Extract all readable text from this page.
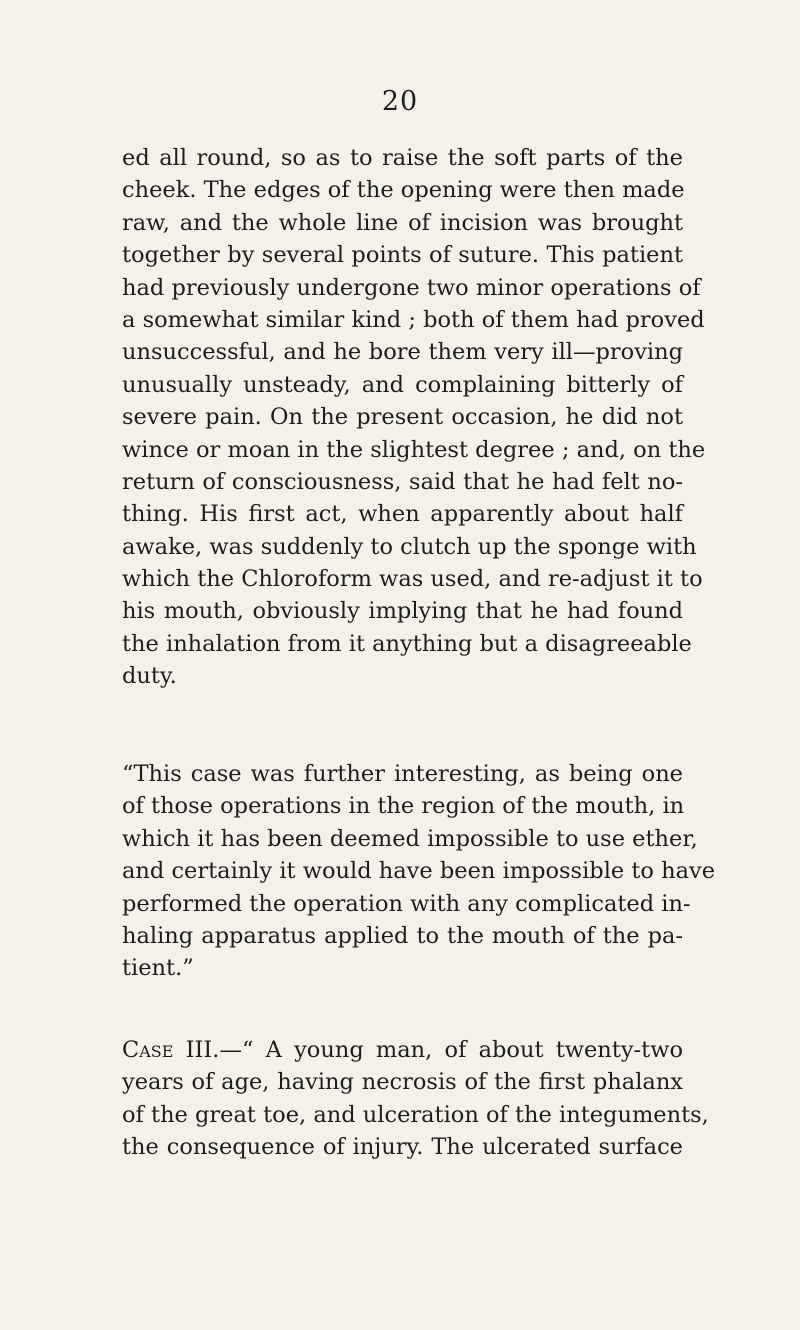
20
ed all round, so as to raise the soft parts of the
cheek. The edges of the opening were then made
raw, and the whole line of incision was brought
together by several points of suture. This patient
had previously undergone two minor operations of
a somewhat similar kind ; both of them had proved
unsuccessful, and he bore them very ill—proving
unusually unsteady, and complaining bitterly of
severe pain. On the present occasion, he did not
wince or moan in the slightest degree ; and, on the
return of consciousness, said that he had felt no-
thing. His first act, when apparently about half
awake, was suddenly to clutch up the sponge with
which the Chloroform was used, and re-adjust it to
his mouth, obviously implying that he had found
the inhalation from it anything but a disagreeable
duty.
“This case was further interesting, as being one
of those operations in the region of the mouth, in
which it has been deemed impossible to use ether,
and certainly it would have been impossible to have
performed the operation with any complicated in-
haling apparatus applied to the mouth of the pa-
tient.”
Case III.—“ A young man, of about twenty-two
years of age, having necrosis of the first phalanx
of the great toe, and ulceration of the integuments,
the consequence of injury. The ulcerated surface
